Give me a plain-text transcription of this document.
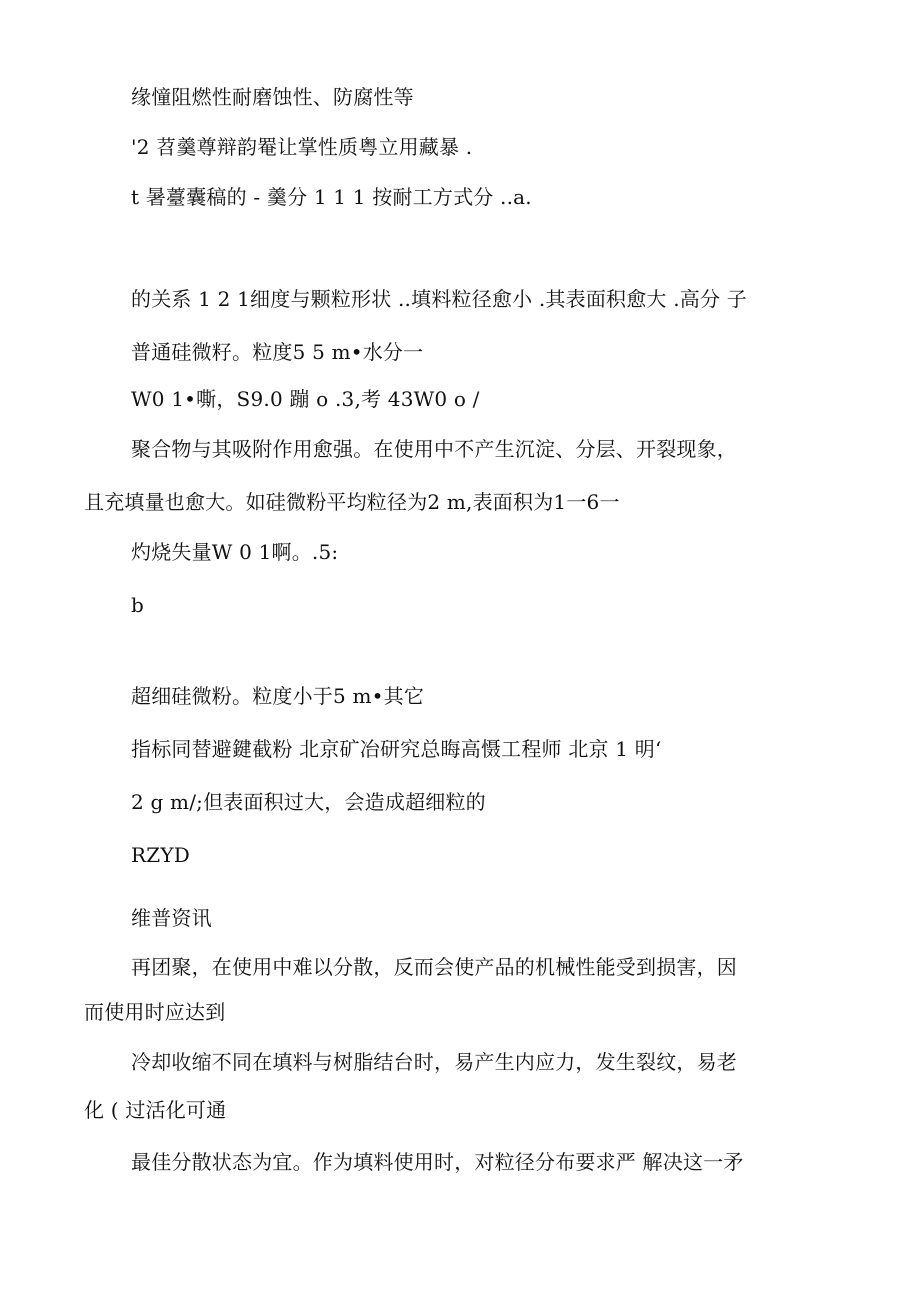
缘憧阻燃性耐磨蚀性、防腐性等
'2 苕羹尊辩韵罨让掌性质粤立用藏暴 .
t 暑薹囊稿的 - 羹分 1 1 1 按耐工方式分 ..a.
的关系 1 2 1细度与颗粒形状 ..填料粒径愈小 .其表面积愈大 .高分 子
普通硅微籽。粒度5 5 m•水分一
W0 1•嘶，S9.0 蹦 o .3,考 43W0 o /
聚合物与其吸附作用愈强。在使用中不产生沉淀、分层、开裂现象，
且充填量也愈大。如硅微粉平均粒径为2 m,表面积为1一6一
灼烧失量W 0 1啊。.5:
b
超细硅微粉。粒度小于5 m•其它
指标同替避鍵截粉 北京矿冶研究总晦高慑工程师 北京 1 明‘
2 g m/;但表面积过大，会造成超细粒的
RZYD
维普资讯
再团聚，在使用中难以分散，反而会使产品的机械性能受到损害，因
而使用时应达到
冷却收缩不同在填料与树脂结台时，易产生内应力，发生裂纹，易老
化 ( 过活化可通
最佳分散状态为宜。作为填料使用时，对粒径分布要求严 解决这一矛
